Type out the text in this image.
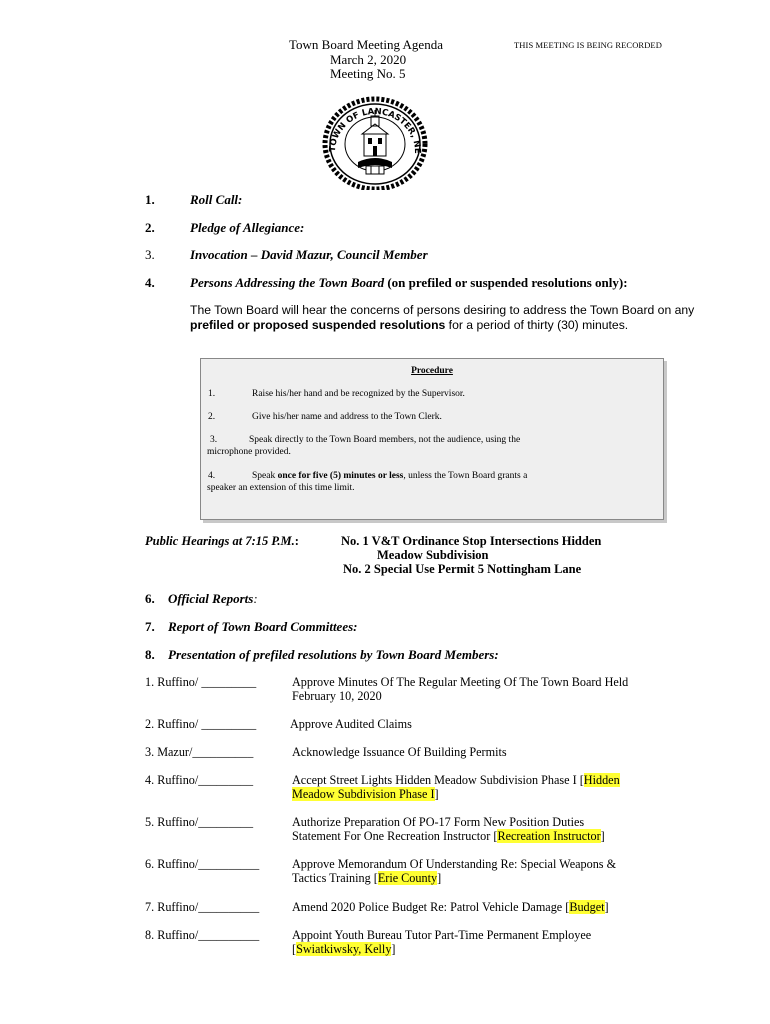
Town Board Meeting Agenda
March 2, 2020
Meeting No. 5
THIS MEETING IS BEING RECORDED
TOWN OF LANCASTER, NE
1.	Roll Call:
2.	Pledge of Allegiance:
3.	Invocation – David Mazur, Council Member
4.	Persons Addressing the Town Board (on prefiled or suspended resolutions only):
The Town Board will hear the concerns of persons desiring to address the Town Board on any prefiled or proposed suspended resolutions for a period of thirty (30) minutes.
Procedure
1.	Raise his/her hand and be recognized by the Supervisor.
2.	Give his/her name and address to the Town Clerk.
3.	Speak directly to the Town Board members, not the audience, using the
microphone provided.
4.	Speak once for five (5) minutes or less, unless the Town Board grants a
speaker an extension of this time limit.
Public Hearings at 7:15 P.M.:	No. 1 V&T Ordinance Stop Intersections Hidden
Meadow Subdivision
No. 2 Special Use Permit 5 Nottingham Lane
6. Official Reports:
7. Report of Town Board Committees:
8. Presentation of prefiled resolutions by Town Board Members:
1. Ruffino/ _________	Approve Minutes Of The Regular Meeting Of The Town Board Held
February 10, 2020
2. Ruffino/ _________	Approve Audited Claims
3. Mazur/__________	Acknowledge Issuance Of Building Permits
4. Ruffino/_________	Accept Street Lights Hidden Meadow Subdivision Phase I [Hidden
Meadow Subdivision Phase I]
5. Ruffino/_________	Authorize Preparation Of PO-17 Form New Position Duties
Statement For One Recreation Instructor [Recreation Instructor]
6. Ruffino/__________	Approve Memorandum Of Understanding Re: Special Weapons &
Tactics Training [Erie County]
7. Ruffino/__________	Amend 2020 Police Budget Re: Patrol Vehicle Damage [Budget]
8. Ruffino/__________	Appoint Youth Bureau Tutor Part-Time Permanent Employee
[Swiatkiwsky, Kelly]
